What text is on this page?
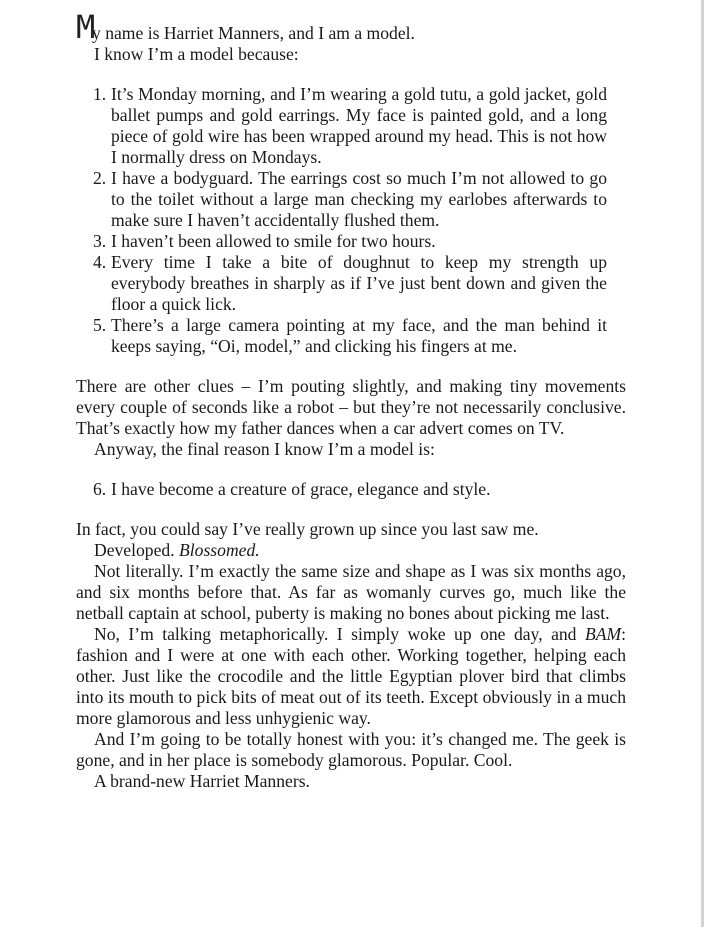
M
y name is Harriet Manners, and I am a model.

I know I’m a model because:

1. It’s Monday morning, and I’m wearing a gold tutu, a gold jacket, gold ballet pumps and gold earrings. My face is painted gold, and a long piece of gold wire has been wrapped around my head. This is not how I normally dress on Mondays.
2. I have a bodyguard. The earrings cost so much I’m not allowed to go to the toilet without a large man checking my earlobes afterwards to make sure I haven’t accidentally flushed them.
3. I haven’t been allowed to smile for two hours.
4. Every time I take a bite of doughnut to keep my strength up everybody breathes in sharply as if I’ve just bent down and given the floor a quick lick.
5. There’s a large camera pointing at my face, and the man behind it keeps saying, “Oi, model,” and clicking his fingers at me.

There are other clues – I’m pouting slightly, and making tiny movements every couple of seconds like a robot – but they’re not necessarily conclusive. That’s exactly how my father dances when a car advert comes on TV.

Anyway, the final reason I know I’m a model is:

6. I have become a creature of grace, elegance and style.

In fact, you could say I’ve really grown up since you last saw me.

Developed. Blossomed.

Not literally. I’m exactly the same size and shape as I was six months ago, and six months before that. As far as womanly curves go, much like the netball captain at school, puberty is making no bones about picking me last.

No, I’m talking metaphorically. I simply woke up one day, and BAM: fashion and I were at one with each other. Working together, helping each other. Just like the crocodile and the little Egyptian plover bird that climbs into its mouth to pick bits of meat out of its teeth. Except obviously in a much more glamorous and less unhygienic way.

And I’m going to be totally honest with you: it’s changed me. The geek is gone, and in her place is somebody glamorous. Popular. Cool.

A brand-new Harriet Manners.
